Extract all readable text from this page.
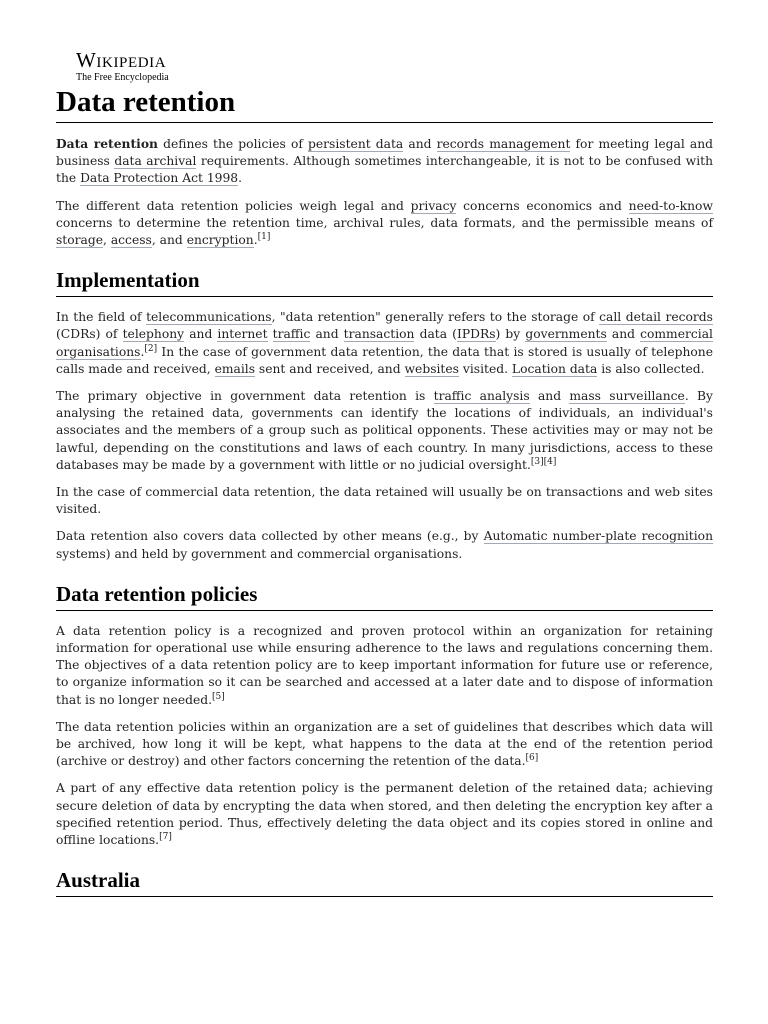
Wikipedia
The Free Encyclopedia
Data retention

Data retention defines the policies of persistent data and records management for meeting legal and business data archival requirements. Although sometimes interchangeable, it is not to be confused with the Data Protection Act 1998.

The different data retention policies weigh legal and privacy concerns economics and need-to-know concerns to determine the retention time, archival rules, data formats, and the permissible means of storage, access, and encryption.[1]

Implementation

In the field of telecommunications, "data retention" generally refers to the storage of call detail records (CDRs) of telephony and internet traffic and transaction data (IPDRs) by governments and commercial organisations.[2] In the case of government data retention, the data that is stored is usually of telephone calls made and received, emails sent and received, and websites visited. Location data is also collected.

The primary objective in government data retention is traffic analysis and mass surveillance. By analysing the retained data, governments can identify the locations of individuals, an individual's associates and the members of a group such as political opponents. These activities may or may not be lawful, depending on the constitutions and laws of each country. In many jurisdictions, access to these databases may be made by a government with little or no judicial oversight.[3][4]

In the case of commercial data retention, the data retained will usually be on transactions and web sites visited.

Data retention also covers data collected by other means (e.g., by Automatic number-plate recognition systems) and held by government and commercial organisations.

Data retention policies

A data retention policy is a recognized and proven protocol within an organization for retaining information for operational use while ensuring adherence to the laws and regulations concerning them. The objectives of a data retention policy are to keep important information for future use or reference, to organize information so it can be searched and accessed at a later date and to dispose of information that is no longer needed.[5]

The data retention policies within an organization are a set of guidelines that describes which data will be archived, how long it will be kept, what happens to the data at the end of the retention period (archive or destroy) and other factors concerning the retention of the data.[6]

A part of any effective data retention policy is the permanent deletion of the retained data; achieving secure deletion of data by encrypting the data when stored, and then deleting the encryption key after a specified retention period. Thus, effectively deleting the data object and its copies stored in online and offline locations.[7]

Australia
